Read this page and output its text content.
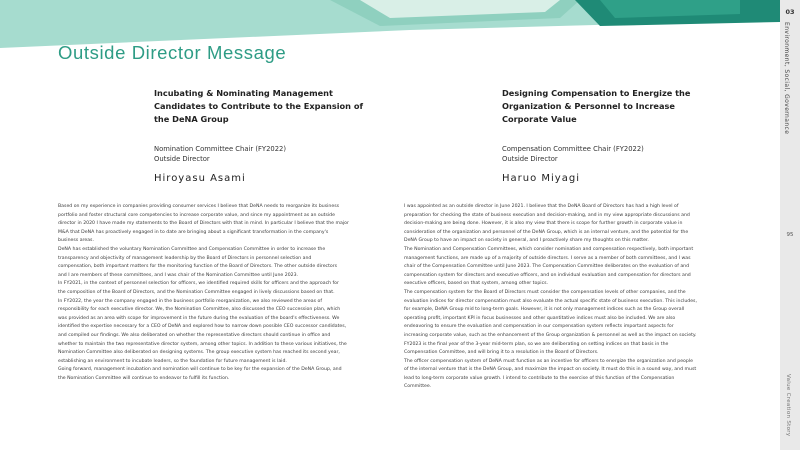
Outside Director Message
03
Environment, Social, Governance
95
Value Creation Story
Incubating & Nominating Management
Candidates to Contribute to the Expansion of
the DeNA Group
Nomination Committee Chair (FY2022)
Outside Director
Hiroyasu Asami
Designing Compensation to Energize the
Organization & Personnel to Increase
Corporate Value
Compensation Committee Chair (FY2022)
Outside Director
Haruo Miyagi

Based on my experience in companies providing consumer services I believe that DeNA needs to reorganize its business

portfolio and foster structural core competencies to increase corporate value, and since my appointment as an outside

director in 2020 I have made my statements to the Board of Directors with that in mind. In particular I believe that the major

M&A that DeNA has proactively engaged in to date are bringing about a significant transformation in the company's

business areas.

DeNA has established the voluntary Nomination Committee and Compensation Committee in order to increase the

transparency and objectivity of management leadership by the Board of Directors in personnel selection and

compensation, both important matters for the monitoring function of the Board of Directors. The other outside directors

and I are members of these committees, and I was chair of the Nomination Committee until June 2023.

In FY2021, in the context of personnel selection for officers, we identified required skills for officers and the approach for

the composition of the Board of Directors, and the Nomination Committee engaged in lively discussions based on that.

In FY2022, the year the company engaged in the business portfolio reorganization, we also reviewed the areas of

responsibility for each executive director. We, the Nomination Committee, also discussed the CEO succession plan, which

was provided as an area with scope for improvement in the future during the evaluation of the board's effectiveness. We

identified the expertise necessary for a CEO of DeNA and explored how to narrow down possible CEO successor candidates,

and compiled our findings. We also deliberated on whether the representative directors should continue in office and

whether to maintain the two representative director system, among other topics. In addition to these various initiatives, the

Nomination Committee also deliberated on designing systems. The group executive system has reached its second year,

establishing an environment to incubate leaders, so the foundation for future management is laid.

Going forward, management incubation and nomination will continue to be key for the expansion of the DeNA Group, and

the Nomination Committee will continue to endeavor to fulfill its function.

I was appointed as an outside director in June 2021. I believe that the DeNA Board of Directors has had a high level of

preparation for checking the state of business execution and decision-making, and in my view appropriate discussions and

decision-making are being done. However, it is also my view that there is scope for further growth in corporate value in

consideration of the organization and personnel of the DeNA Group, which is an internal venture, and the potential for the

DeNA Group to have an impact on society in general, and I proactively share my thoughts on this matter.

The Nomination and Compensation Committees, which consider nomination and compensation respectively, both important

management functions, are made up of a majority of outside directors. I serve as a member of both committees, and I was

chair of the Compensation Committee until June 2023. The Compensation Committee deliberates on the evaluation of and

compensation system for directors and executive officers, and on individual evaluation and compensation for directors and

executive officers, based on that system, among other topics.

The compensation system for the Board of Directors must consider the compensation levels of other companies, and the

evaluation indices for director compensation must also evaluate the actual specific state of business execution. This includes,

for example, DeNA Group mid to long-term goals. However, it is not only management indices such as the Group overall

operating profit, important KPI in focus businesses and other quantitative indices must also be included. We are also

endeavoring to ensure the evaluation and compensation in our compensation system reflects important aspects for

increasing corporate value, such as the enhancement of the Group organization & personnel as well as the impact on society.

FY2023 is the final year of the 3-year mid-term plan, so we are deliberating on setting indices on that basis in the

Compensation Committee, and will bring it to a resolution in the Board of Directors.

The officer compensation system of DeNA must function as an incentive for officers to energize the organization and people

of the internal venture that is the DeNA Group, and maximize the impact on society. It must do this in a sound way, and must

lead to long-term corporate value growth. I intend to contribute to the exercise of this function of the Compensation

Committee.
